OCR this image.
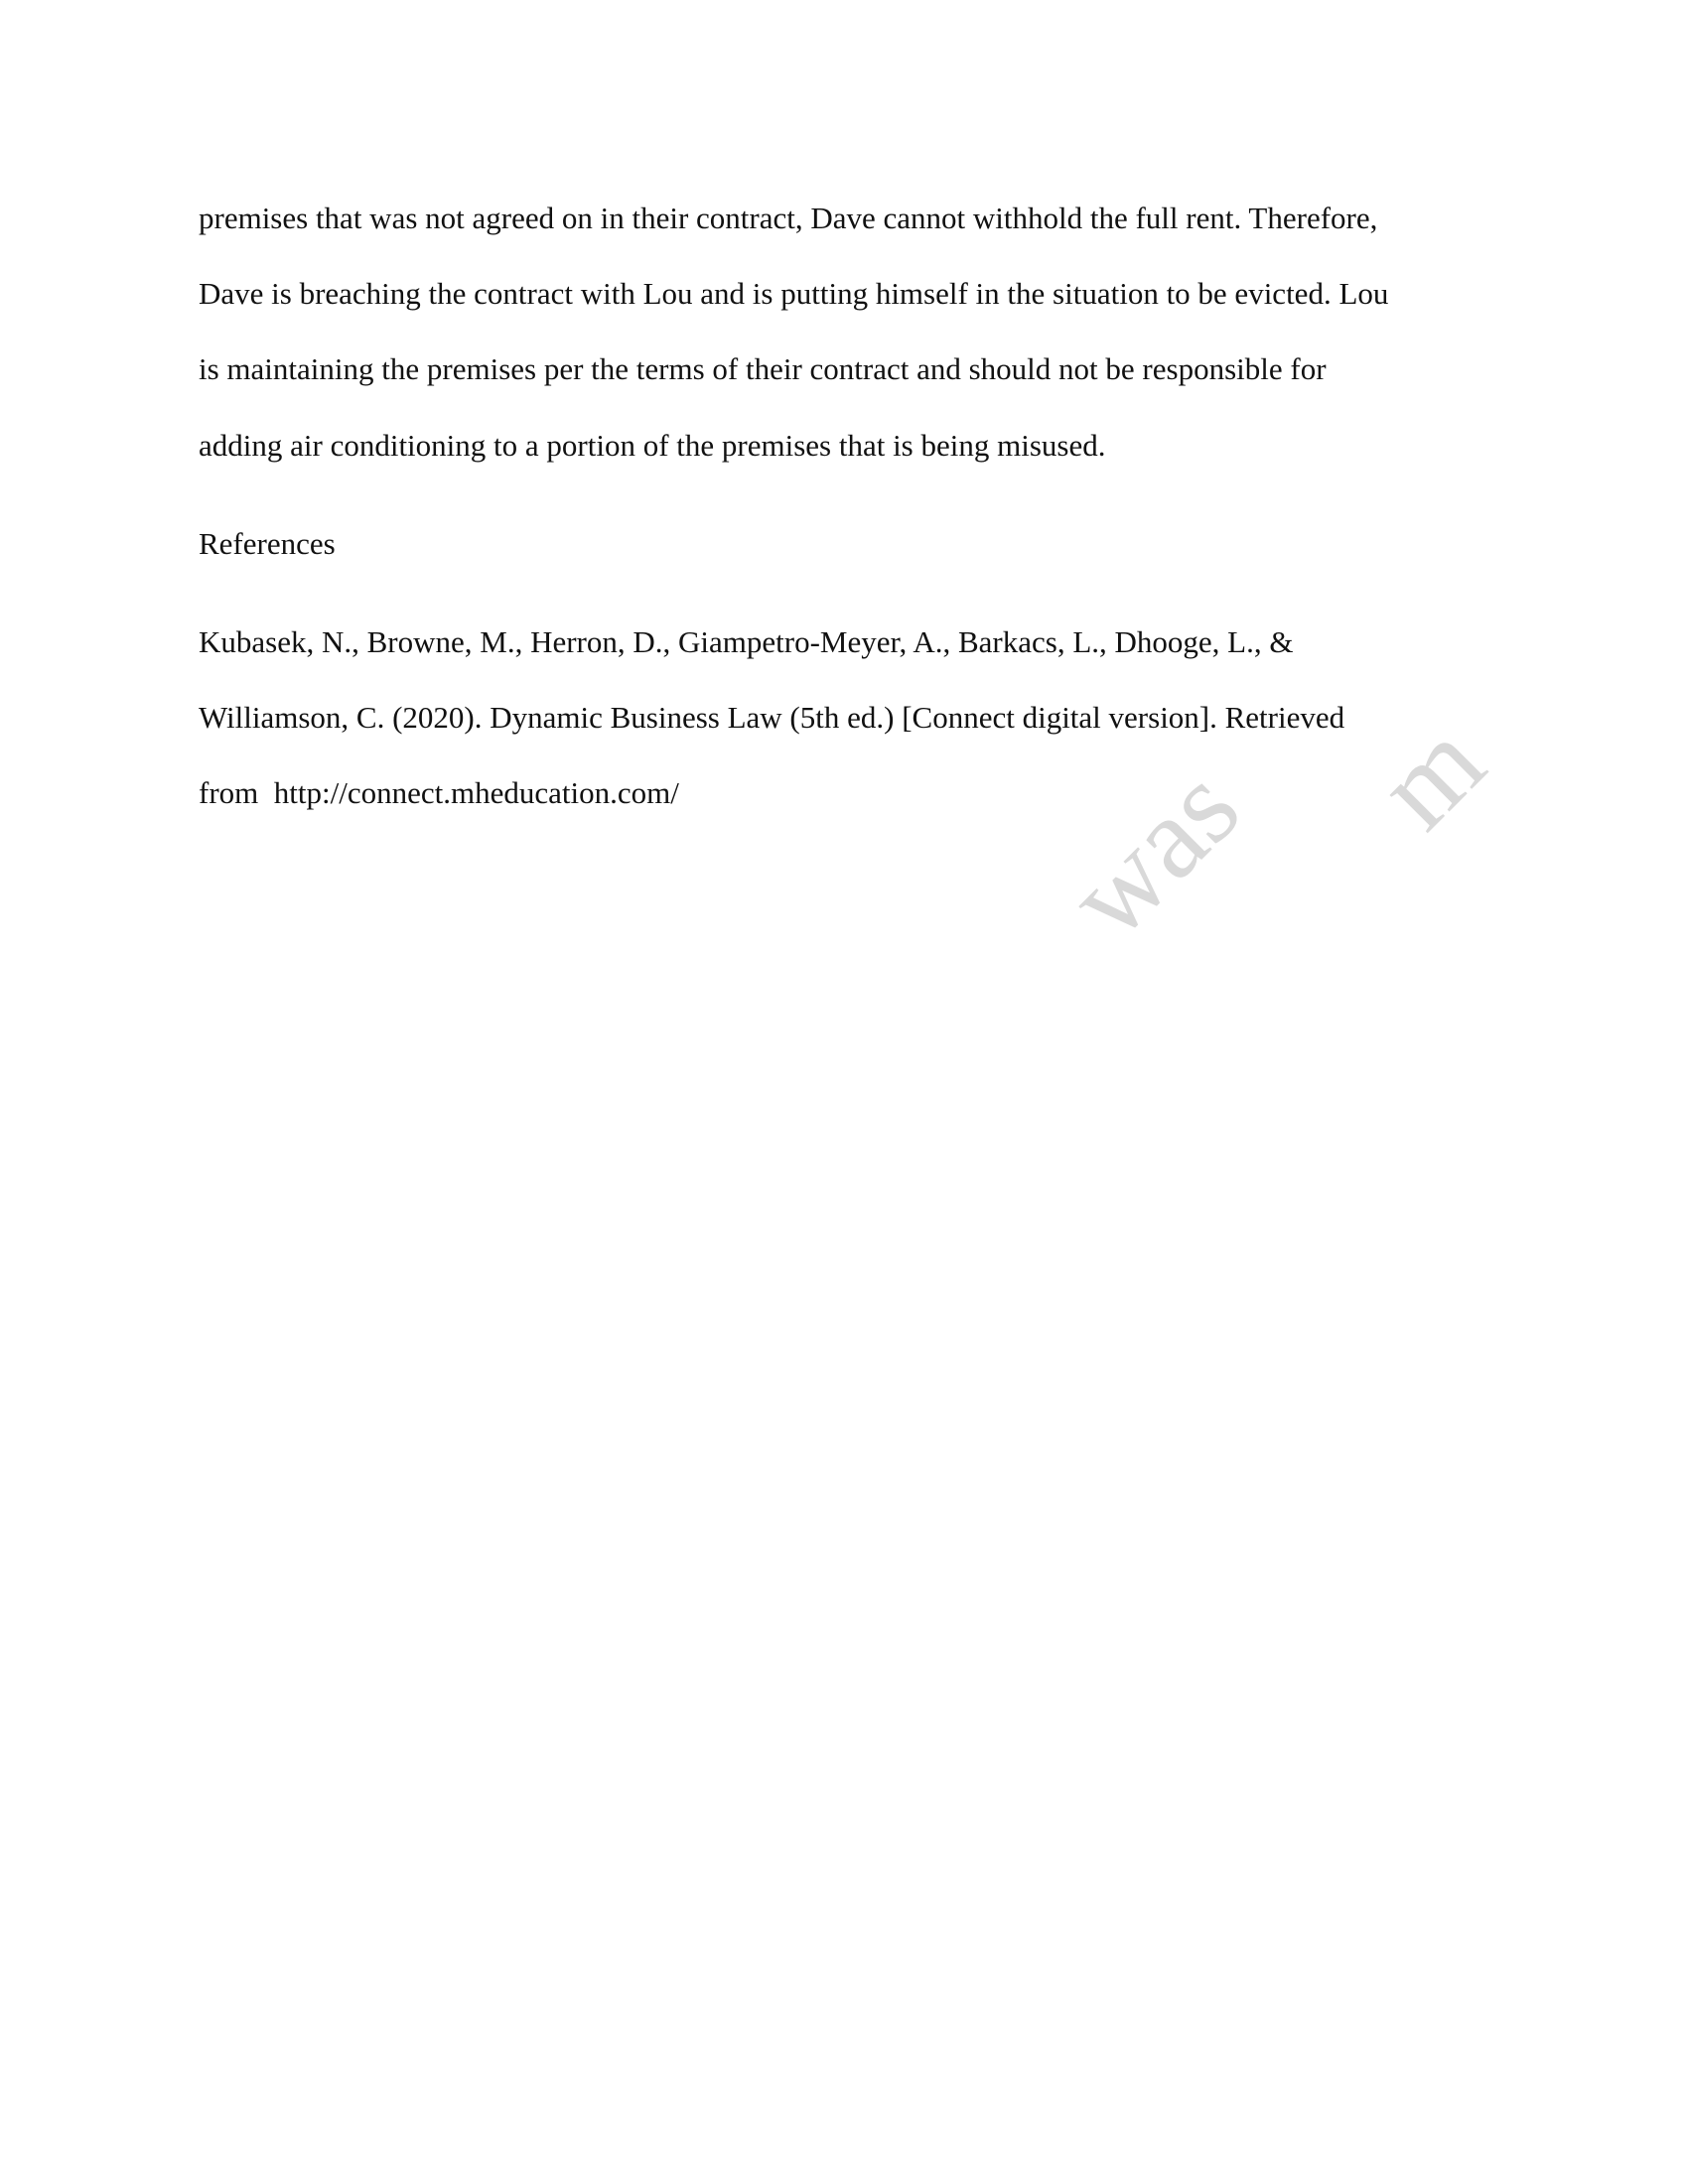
premises that was not agreed on in their contract, Dave cannot withhold the full rent. Therefore,
Dave is breaching the contract with Lou and is putting himself in the situation to be evicted. Lou
is maintaining the premises per the terms of their contract and should not be responsible for
adding air conditioning to a portion of the premises that is being misused.
References
Kubasek, N., Browne, M., Herron, D., Giampetro-Meyer, A., Barkacs, L., Dhooge, L., &
Williamson, C. (2020). Dynamic Business Law (5th ed.) [Connect digital version]. Retrieved
from  http://connect.mheducation.com/	was m
